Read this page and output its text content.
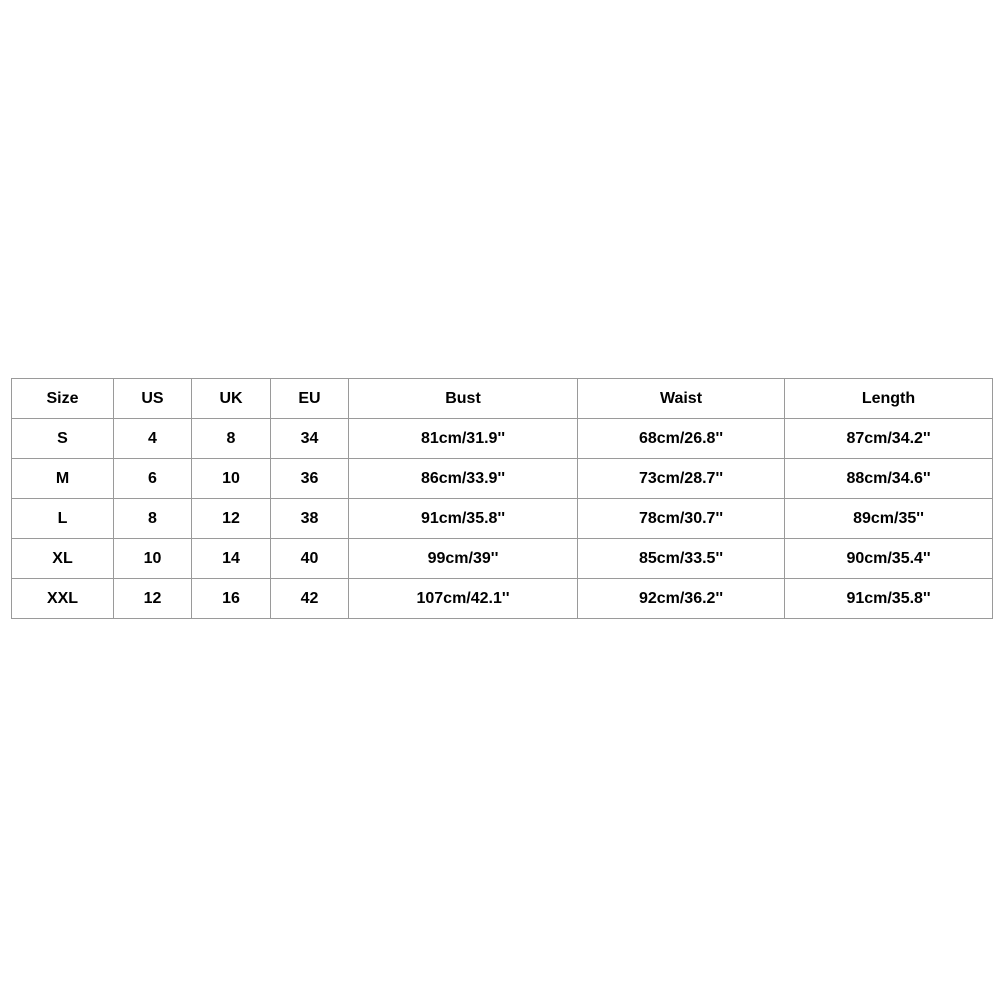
Size	US	UK	EU	Bust	Waist	Length
S	4	8	34	81cm/31.9''	68cm/26.8''	87cm/34.2''
M	6	10	36	86cm/33.9''	73cm/28.7''	88cm/34.6''
L	8	12	38	91cm/35.8''	78cm/30.7''	89cm/35''
XL	10	14	40	99cm/39''	85cm/33.5''	90cm/35.4''
XXL	12	16	42	107cm/42.1''	92cm/36.2''	91cm/35.8''
